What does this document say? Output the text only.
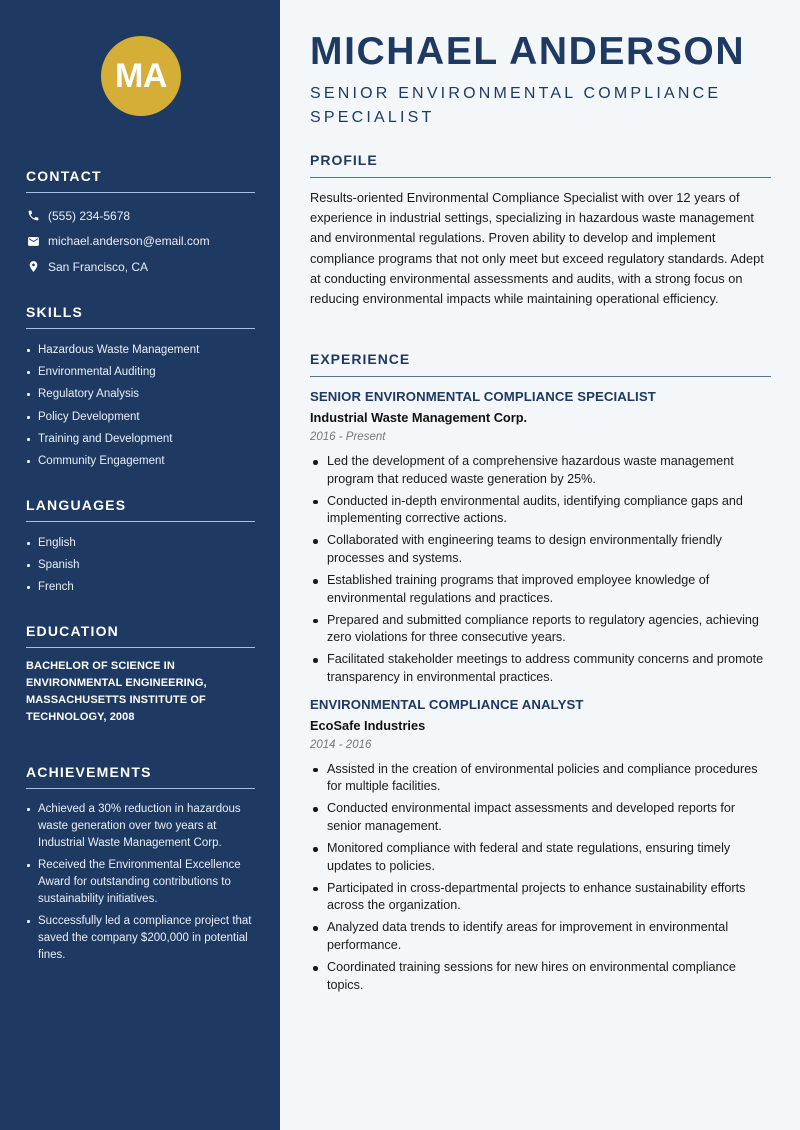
MA
CONTACT
(555) 234-5678
michael.anderson@email.com
San Francisco, CA
SKILLS
Hazardous Waste Management
Environmental Auditing
Regulatory Analysis
Policy Development
Training and Development
Community Engagement
LANGUAGES
English
Spanish
French
EDUCATION

BACHELOR OF SCIENCE IN ENVIRONMENTAL ENGINEERING, MASSACHUSETTS INSTITUTE OF TECHNOLOGY, 2008

ACHIEVEMENTS
Achieved a 30% reduction in hazardous waste generation over two years at Industrial Waste Management Corp.
Received the Environmental Excellence Award for outstanding contributions to sustainability initiatives.
Successfully led a compliance project that saved the company $200,000 in potential fines.
MICHAEL ANDERSON
SENIOR ENVIRONMENTAL COMPLIANCE SPECIALIST
PROFILE

Results-oriented Environmental Compliance Specialist with over 12 years of experience in industrial settings, specializing in hazardous waste management and environmental regulations. Proven ability to develop and implement compliance programs that not only meet but exceed regulatory standards. Adept at conducting environmental assessments and audits, with a strong focus on reducing environmental impacts while maintaining operational efficiency.

EXPERIENCE
SENIOR ENVIRONMENTAL COMPLIANCE SPECIALIST
Industrial Waste Management Corp.
2016 - Present
Led the development of a comprehensive hazardous waste management program that reduced waste generation by 25%.
Conducted in-depth environmental audits, identifying compliance gaps and implementing corrective actions.
Collaborated with engineering teams to design environmentally friendly processes and systems.
Established training programs that improved employee knowledge of environmental regulations and practices.
Prepared and submitted compliance reports to regulatory agencies, achieving zero violations for three consecutive years.
Facilitated stakeholder meetings to address community concerns and promote transparency in environmental practices.
ENVIRONMENTAL COMPLIANCE ANALYST
EcoSafe Industries
2014 - 2016
Assisted in the creation of environmental policies and compliance procedures for multiple facilities.
Conducted environmental impact assessments and developed reports for senior management.
Monitored compliance with federal and state regulations, ensuring timely updates to policies.
Participated in cross-departmental projects to enhance sustainability efforts across the organization.
Analyzed data trends to identify areas for improvement in environmental performance.
Coordinated training sessions for new hires on environmental compliance topics.
